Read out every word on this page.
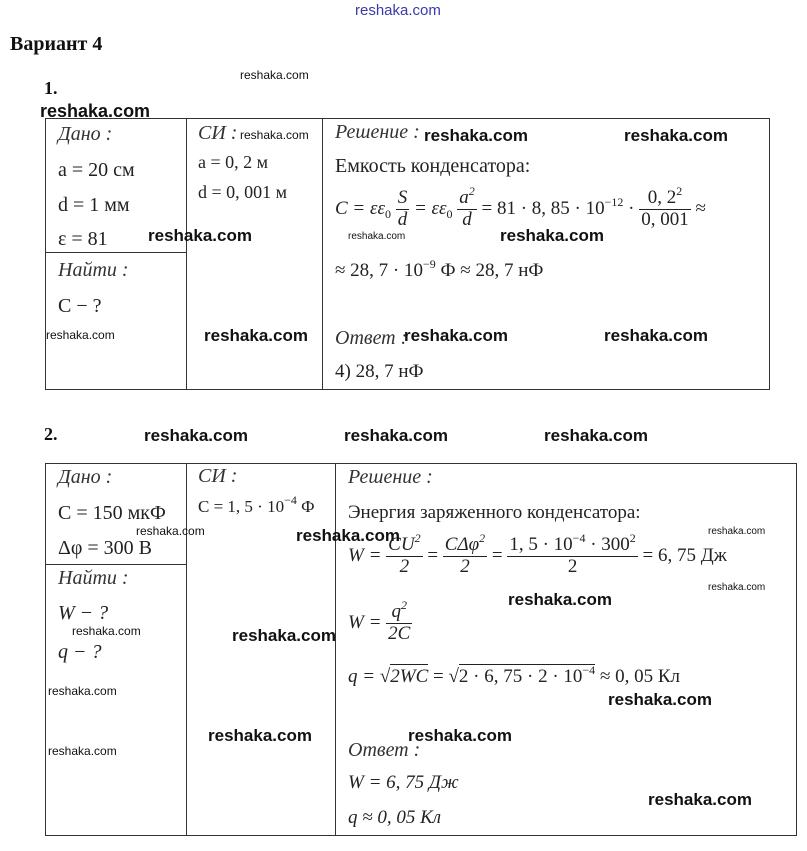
reshaka.com
Вариант 4
1.
Дано :
a = 20 см
d = 1 мм
ε = 81
Найти :
C − ?
СИ :
a = 0, 2 м
d = 0, 001 м
Решение :
Емкость конденсатора:
$C = \varepsilon\varepsilon_0 \frac{S}{d} = \varepsilon\varepsilon_0 \frac{a^2}{d} = 81 \cdot 8$, $85 \cdot 10^{-12} \cdot \frac{0, 2^2}{0, 001}$ ≈
≈ 28, $7 \cdot 10^{-9}$ Ф ≈ 28, 7 нФ
Ответ :
4) 28, 7 нФ
2.
Дано :
C = 150 мкФ
Δφ = 300 В
Найти :
W − ?
q − ?
СИ :
C = 1, $5 \cdot 10^{-4}$ Ф
Решение :
Энергия заряженного конденсатора:
$W = \frac{CU^2}{2} = \frac{C\Delta\varphi^2}{2} = \frac{1, 5 \cdot 10^{-4} \cdot 300^2}{2} = 6$, 75 Дж
$W = \frac{q^2}{2C}$
q = √2WC = √2 · 6, $75 \cdot 2 \cdot 10^{-4} \approx 0$, 05 Кл
Ответ :
W = 6, 75 Дж
q ≈ 0, 05 Кл
reshaka.com
reshaka.com
reshaka.com	reshaka.com	reshaka.com
reshaka.com	reshaka.com	reshaka.com
reshaka.com	reshaka.com	reshaka.com	reshaka.com
reshaka.com	reshaka.com	reshaka.com
reshaka.com	reshaka.com	reshaka.com
reshaka.com
reshaka.com
reshaka.com	reshaka.com
reshaka.com	reshaka.com
reshaka.com	reshaka.com
reshaka.com
reshaka.com
